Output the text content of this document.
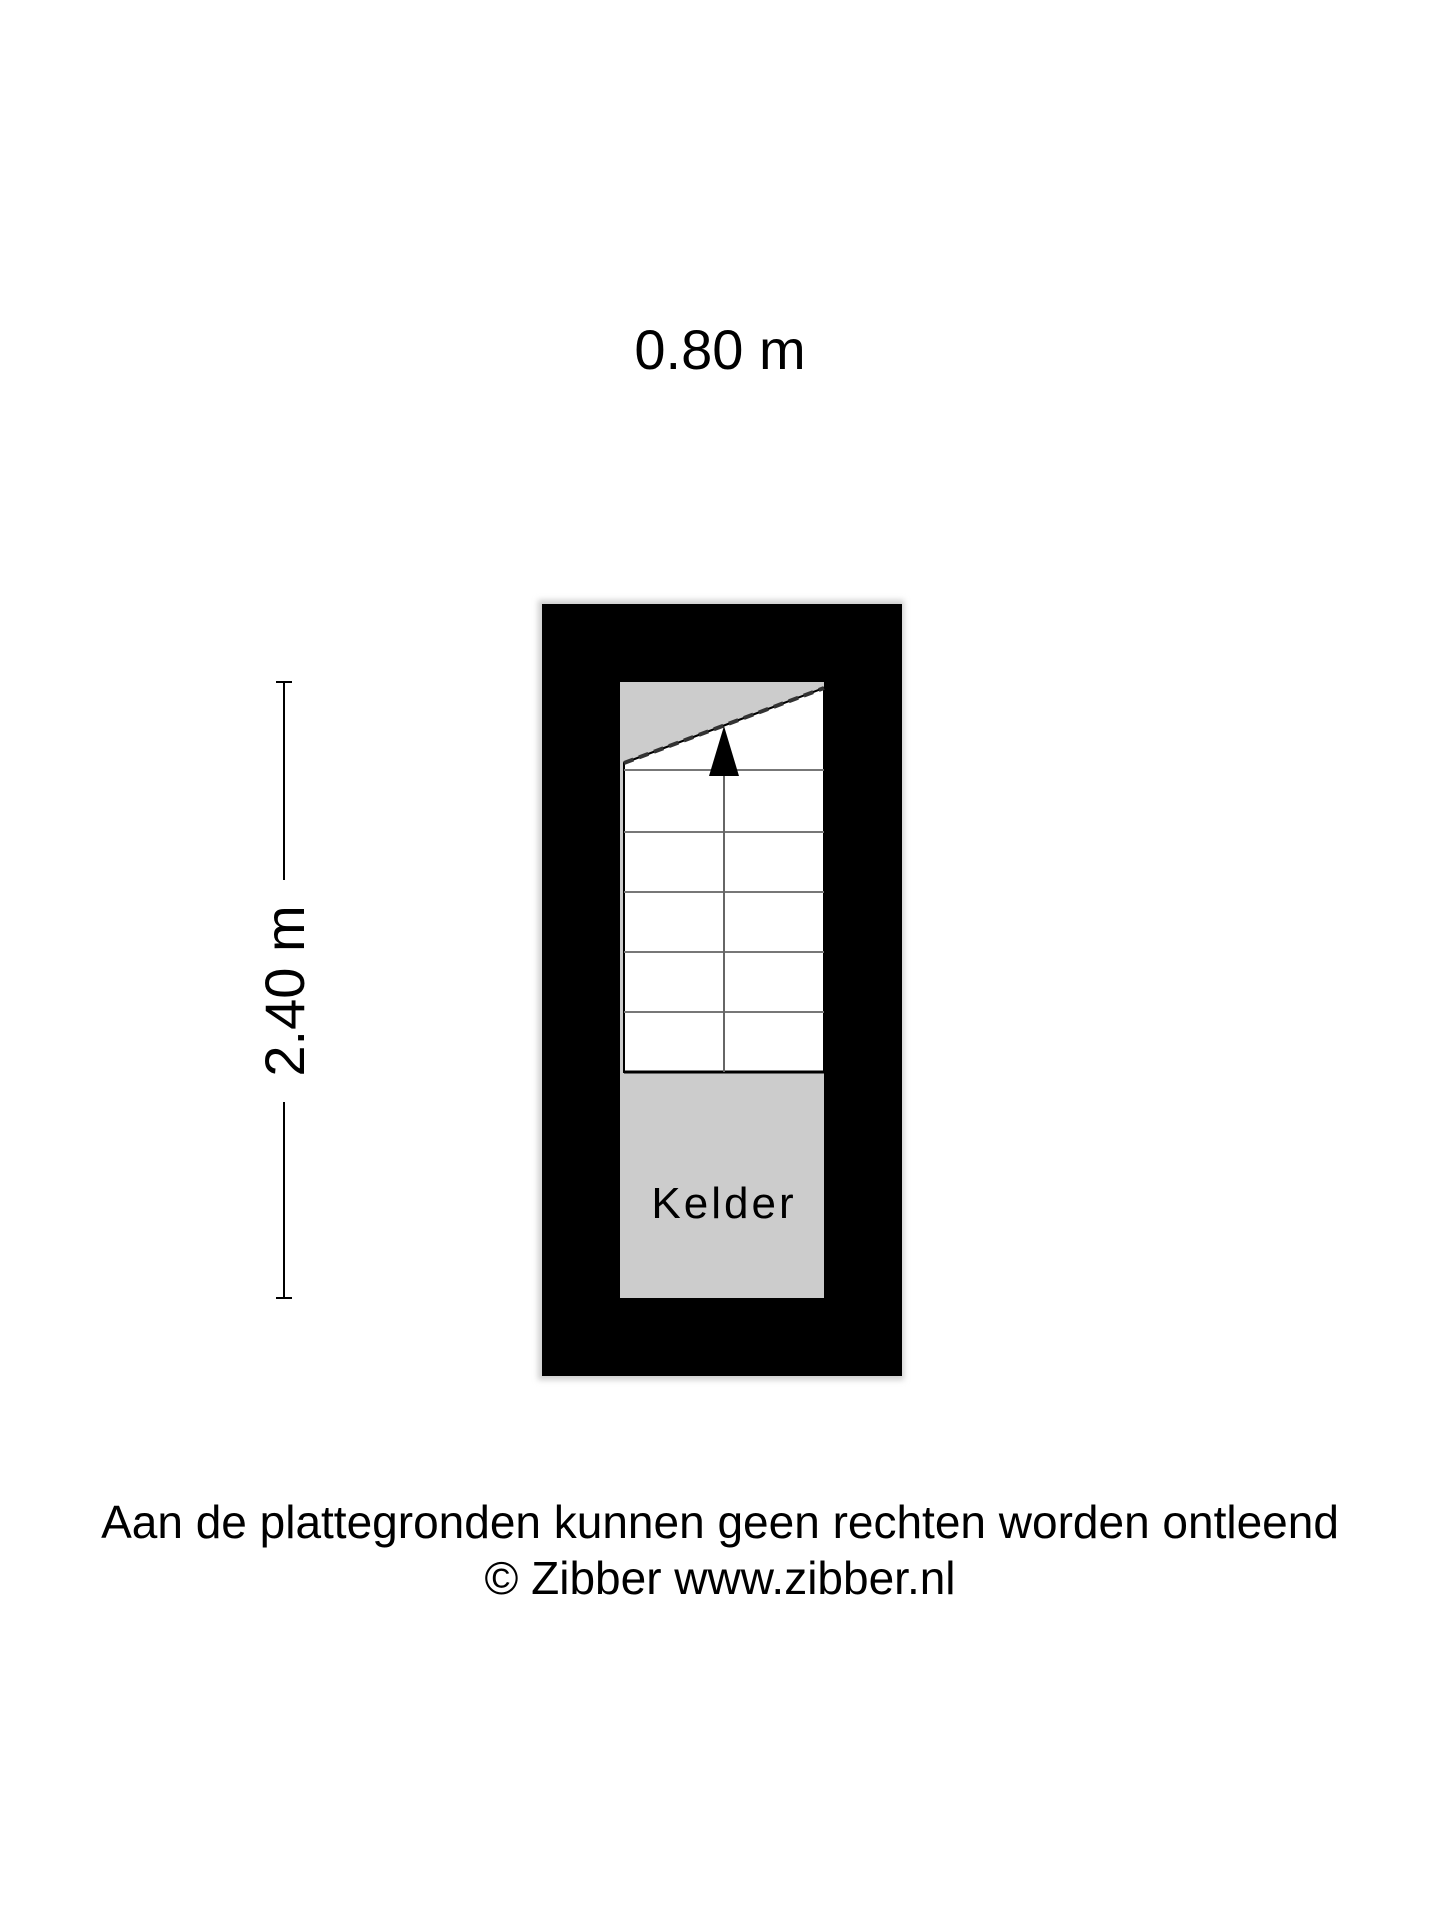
0.80 m
2.40 m
Kelder
Aan de plattegronden kunnen geen rechten worden ontleend
© Zibber www.zibber.nl
